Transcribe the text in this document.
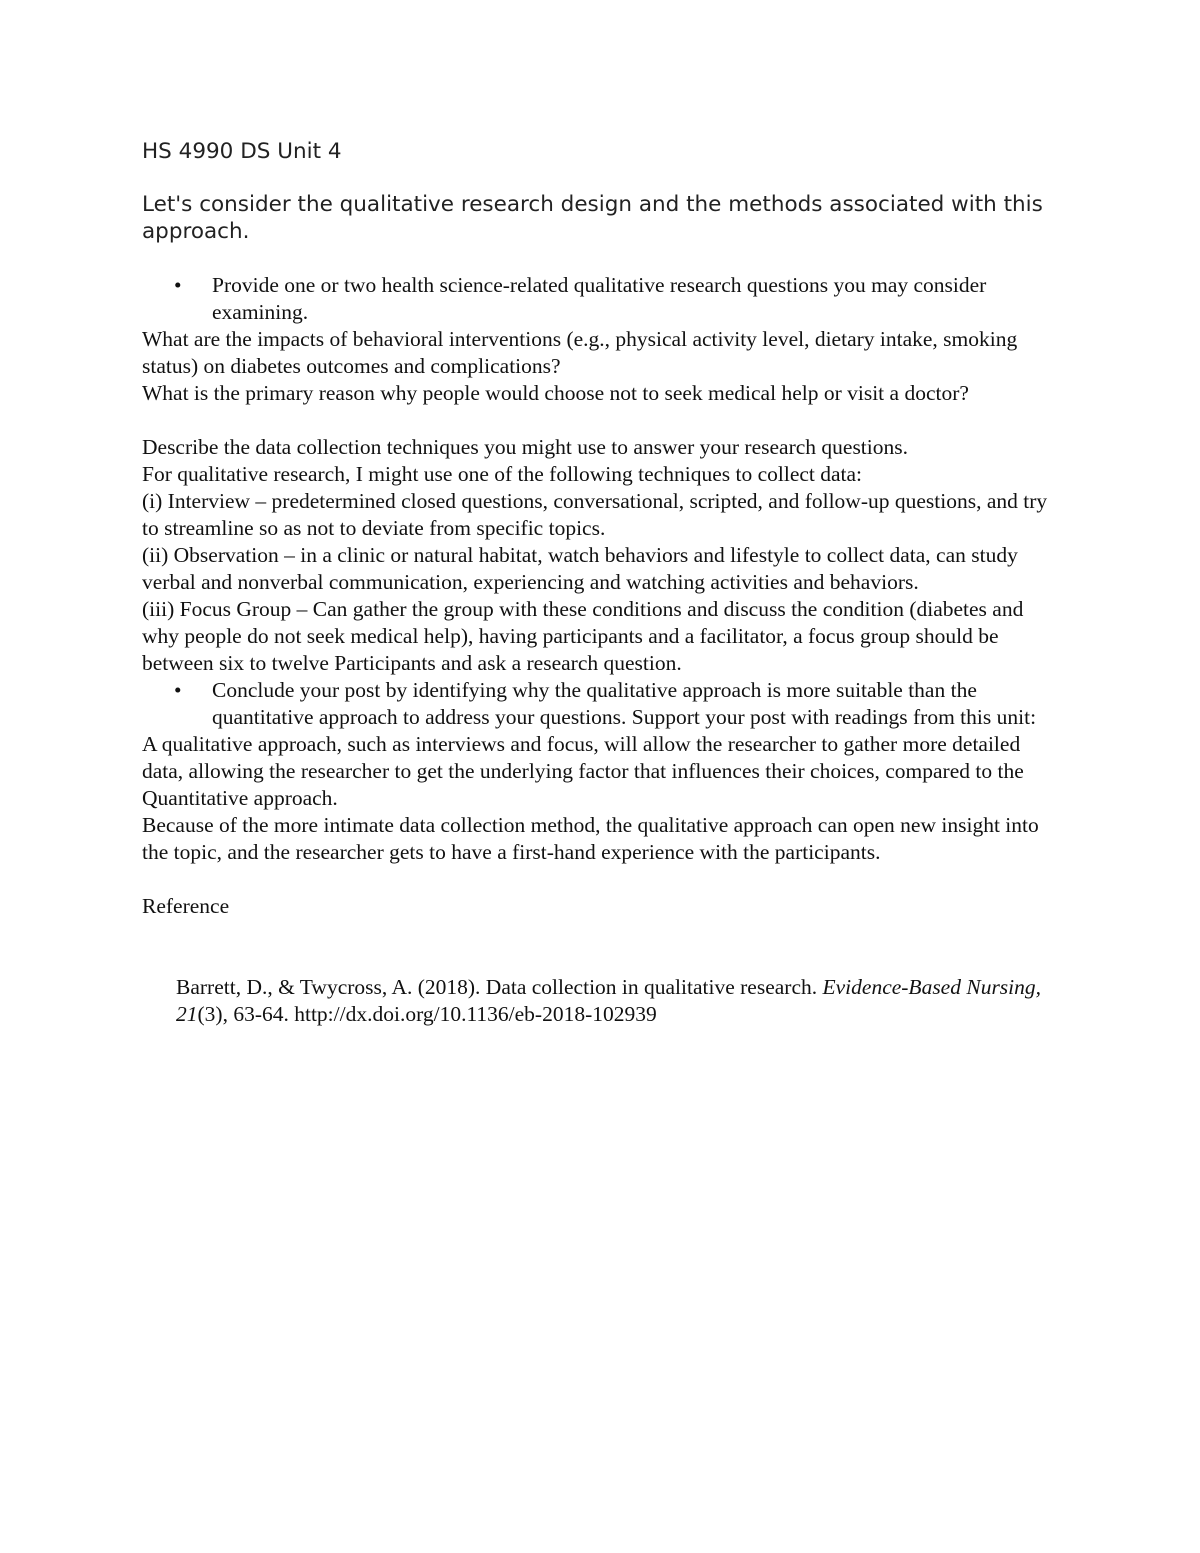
HS 4990 DS Unit 4

Let's consider the qualitative research design and the methods associated with this approach.

• Provide one or two health science-related qualitative research questions you may consider examining.

What are the impacts of behavioral interventions (e.g., physical activity level, dietary intake, smoking status) on diabetes outcomes and complications?

What is the primary reason why people would choose not to seek medical help or visit a doctor?

Describe the data collection techniques you might use to answer your research questions.

For qualitative research, I might use one of the following techniques to collect data:

(i) Interview – predetermined closed questions, conversational, scripted, and follow-up questions, and try to streamline so as not to deviate from specific topics.

(ii) Observation – in a clinic or natural habitat, watch behaviors and lifestyle to collect data, can study verbal and nonverbal communication, experiencing and watching activities and behaviors.

(iii) Focus Group – Can gather the group with these conditions and discuss the condition (diabetes and why people do not seek medical help), having participants and a facilitator, a focus group should be between six to twelve Participants and ask a research question.

• Conclude your post by identifying why the qualitative approach is more suitable than the quantitative approach to address your questions. Support your post with readings from this unit:

A qualitative approach, such as interviews and focus, will allow the researcher to gather more detailed data, allowing the researcher to get the underlying factor that influences their choices, compared to the Quantitative approach.

Because of the more intimate data collection method, the qualitative approach can open new insight into the topic, and the researcher gets to have a first-hand experience with the participants.

Reference

Barrett, D., & Twycross, A. (2018). Data collection in qualitative research. Evidence-Based Nursing, 21(3), 63-64. http://dx.doi.org/10.1136/eb-2018-102939
